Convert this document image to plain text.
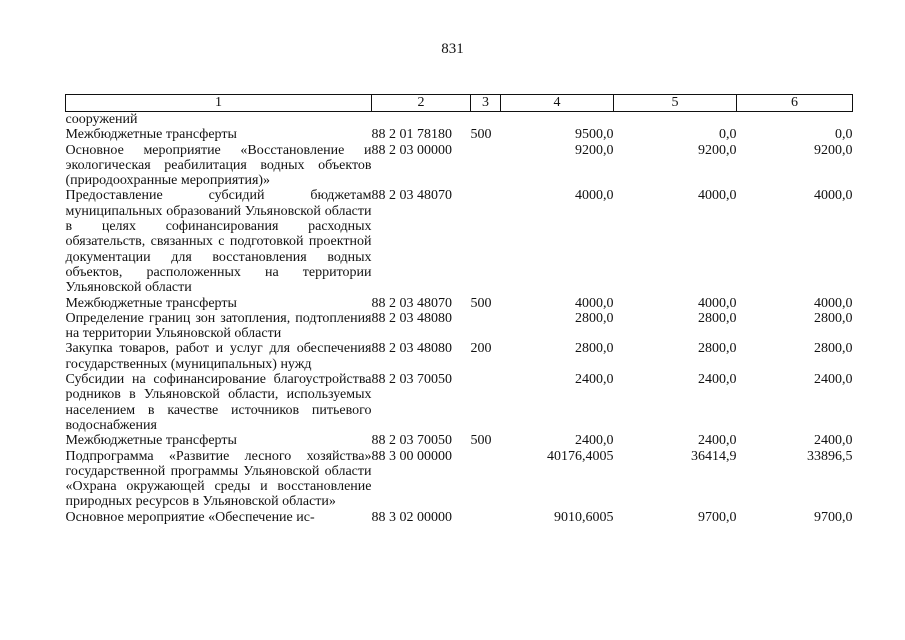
831
1	2	3	4	5	6
сооружений					
Межбюджетные трансферты	88 2 01 78180	500	9500,0	0,0	0,0
Основное мероприятие «Восстановление и экологическая реабилитация водных объектов (природоохранные мероприятия)»	88 2 03 00000		9200,0	9200,0	9200,0
Предоставление субсидий бюджетам муниципальных образований Ульяновской области в целях софинансирования расходных обязательств, связанных с подготовкой проектной документации для восстановления водных объектов, расположенных на территории Ульяновской области	88 2 03 48070		4000,0	4000,0	4000,0
Межбюджетные трансферты	88 2 03 48070	500	4000,0	4000,0	4000,0
Определение границ зон затопления, подтопления на территории Ульяновской области	88 2 03 48080		2800,0	2800,0	2800,0
Закупка товаров, работ и услуг для обеспечения государственных (муниципальных) нужд	88 2 03 48080	200	2800,0	2800,0	2800,0
Субсидии на софинансирование благоустройства родников в Ульяновской области, используемых населением в качестве источников питьевого водоснабжения	88 2 03 70050		2400,0	2400,0	2400,0
Межбюджетные трансферты	88 2 03 70050	500	2400,0	2400,0	2400,0
Подпрограмма «Развитие лесного хозяйства» государственной программы Ульяновской области «Охрана окружающей среды и восстановление природных ресурсов в Ульяновской области»	88 3 00 00000		40176,4005	36414,9	33896,5
Основное мероприятие «Обеспечение ис-	88 3 02 00000		9010,6005	9700,0	9700,0
